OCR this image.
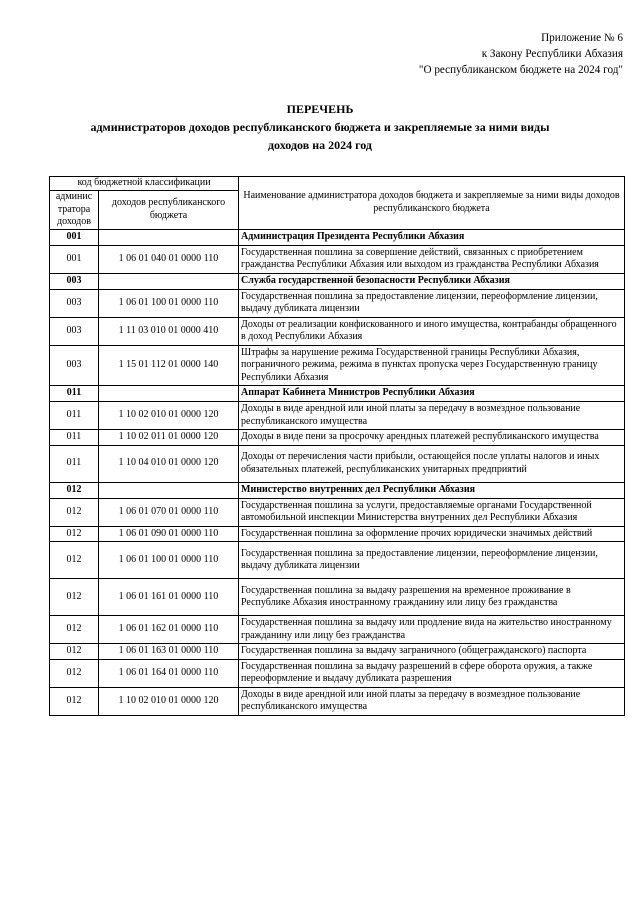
Приложение № 6
к Закону Республики Абхазия
"О республиканском бюджете на 2024 год"
ПЕРЕЧЕНЬ
администраторов доходов республиканского бюджета и закрепляемые за ними виды
доходов на 2024 год
код бюджетной классификации		Наименование администратора доходов бюджета и закрепляемые за ними виды доходов республиканского бюджета
админис тратора доходов	доходов республиканского бюджета	
001		Администрация Президента Республики Абхазия
001	1 06 01 040 01 0000 110	Государственная пошлина за совершение действий, связанных с приобретением гражданства Республики Абхазия или выходом из гражданства Республики Абхазия
003		Служба государственной безопасности Республики Абхазия
003	1 06 01 100 01 0000 110	Государственная пошлина за предоставление лицензии, переоформление лицензии, выдачу дубликата лицензии
003	1 11 03 010 01 0000 410	Доходы от реализации конфискованного и иного имущества, контрабанды обращенного в доход Республики Абхазия
003	1 15 01 112 01 0000 140	Штрафы за нарушение режима Государственной границы Республики Абхазия, пограничного режима, режима в пунктах пропуска через Государственную границу Республики Абхазия
011		Аппарат Кабинета Министров Республики Абхазия
011	1 10 02 010 01 0000 120	Доходы в виде арендной или иной платы за передачу в возмездное пользование республиканского имущества
011	1 10 02 011 01 0000 120	Доходы в виде пени за просрочку арендных платежей республиканского имущества
011	1 10 04 010 01 0000 120	Доходы от перечисления части прибыли, остающейся после уплаты налогов и иных обязательных платежей, республиканских унитарных предприятий
012		Министерство внутренних дел Республики Абхазия
012	1 06 01 070 01 0000 110	Государственная пошлина за услуги, предоставляемые органами Государственной автомобильной инспекции Министерства внутренних дел Республики Абхазия
012	1 06 01 090 01 0000 110	Государственная пошлина за оформление прочих юридически значимых действий
012	1 06 01 100 01 0000 110	Государственная пошлина за предоставление лицензии, переоформление лицензии, выдачу дубликата лицензии
012	1 06 01 161 01 0000 110	Государственная пошлина за выдачу разрешения на временное проживание в Республике Абхазия иностранному гражданину или лицу без гражданства
012	1 06 01 162 01 0000 110	Государственная пошлина за выдачу или продление вида на жительство иностранному гражданину или лицу без гражданства
012	1 06 01 163 01 0000 110	Государственная пошлина за выдачу заграничного (общегражданского) паспорта
012	1 06 01 164 01 0000 110	Государственная пошлина за выдачу разрешений в сфере оборота оружия, а также переоформление и выдачу дубликата разрешения
012	1 10 02 010 01 0000 120	Доходы в виде арендной или иной платы за передачу в возмездное пользование республиканского имущества
